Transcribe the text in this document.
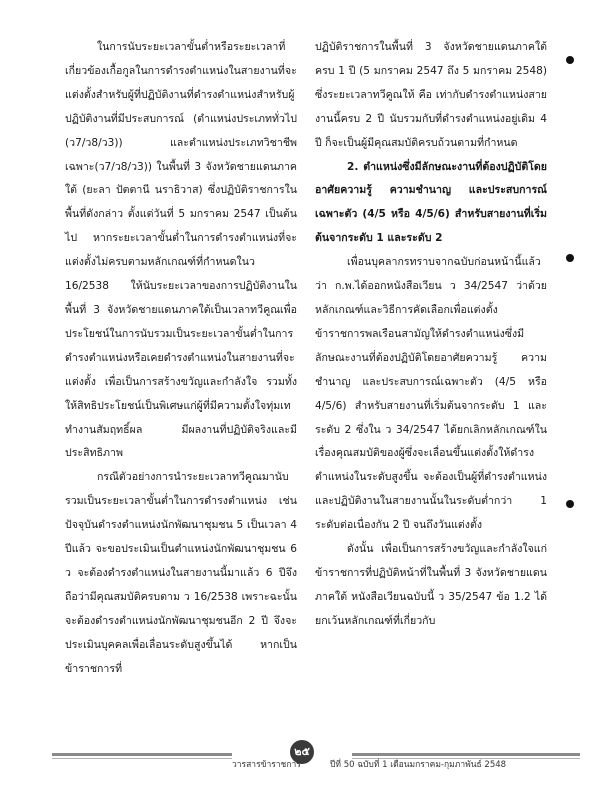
ในการนับระยะเวลาขั้นต่ำหรือระยะเวลาที่เกี่ยวข้องเกื้อกูลในการดำรงตำแหน่งในสายงานที่จะแต่งตั้งสำหรับผู้ที่ปฏิบัติงานที่ดำรงตำแหน่งสำหรับผู้ปฏิบัติงานที่มีประสบการณ์ (ตำแหน่งประเภททั่วไป (ว7/ว8/ว3)) และตำแหน่งประเภทวิชาชีพเฉพาะ(ว7/ว8/ว3)) ในพื้นที่ 3 จังหวัดชายแดนภาคใต้ (ยะลา ปัตตานี นราธิวาส) ซึ่งปฏิบัติราชการในพื้นที่ดังกล่าว ตั้งแต่วันที่ 5 มกราคม 2547 เป็นต้นไป หากระยะเวลาขั้นต่ำในการดำรงตำแหน่งที่จะแต่งตั้งไม่ครบตามหลักเกณฑ์ที่กำหนดในว 16/2538 ให้นับระยะเวลาของการปฏิบัติงานในพื้นที่ 3 จังหวัดชายแดนภาคใต้เป็นเวลาทวีคูณเพื่อประโยชน์ในการนับรวมเป็นระยะเวลาขั้นต่ำในการดำรงตำแหน่งหรือเคยดำรงตำแหน่งในสายงานที่จะแต่งตั้ง เพื่อเป็นการสร้างขวัญและกำลังใจ รวมทั้งให้สิทธิประโยชน์เป็นพิเศษแก่ผู้ที่มีความตั้งใจทุ่มเท ทำงานสัมฤทธิ์ผล มีผลงานที่ปฏิบัติจริงและมีประสิทธิภาพ

กรณีตัวอย่างการนำระยะเวลาทวีคูณมานับรวมเป็นระยะเวลาขั้นต่ำในการดำรงตำแหน่ง เช่น ปัจจุบันดำรงตำแหน่งนักพัฒนาชุมชน 5 เป็นเวลา 4 ปีแล้ว จะขอประเมินเป็นตำแหน่งนักพัฒนาชุมชน 6 ว จะต้องดำรงตำแหน่งในสายงานนี้มาแล้ว 6 ปีจึงถือว่ามีคุณสมบัติครบตาม ว 16/2538 เพราะฉะนั้น จะต้องดำรงตำแหน่งนักพัฒนาชุมชนอีก 2 ปี จึงจะประเมินบุคคลเพื่อเลื่อนระดับสูงขึ้นได้ หากเป็นข้าราชการที่

ปฏิบัติราชการในพื้นที่ 3 จังหวัดชายแดนภาคใต้ครบ 1 ปี (5 มกราคม 2547 ถึง 5 มกราคม 2548) ซึ่งระยะเวลาทวีคูณให้ คือ เท่ากับดำรงตำแหน่งสายงานนี้ครบ 2 ปี นับรวมกับที่ดำรงตำแหน่งอยู่เดิม 4 ปี ก็จะเป็นผู้มีคุณสมบัติครบถ้วนตามที่กำหนด

2. ตำแหน่งซึ่งมีลักษณะงานที่ต้องปฏิบัติโดยอาศัยความรู้ ความชำนาญ และประสบการณ์เฉพาะตัว (4/5 หรือ 4/5/6) สำหรับสายงานที่เริ่มต้นจากระดับ 1 และระดับ 2

เพื่อนบุคลากรทราบจากฉบับก่อนหน้านี้แล้วว่า ก.พ.ได้ออกหนังสือเวียน ว 34/2547 ว่าด้วยหลักเกณฑ์และวิธีการคัดเลือกเพื่อแต่งตั้งข้าราชการพลเรือนสามัญให้ดำรงตำแหน่งซึ่งมีลักษณะงานที่ต้องปฏิบัติโดยอาศัยความรู้ ความชำนาญ และประสบการณ์เฉพาะตัว (4/5 หรือ 4/5/6) สำหรับสายงานที่เริ่มต้นจากระดับ 1 และระดับ 2 ซึ่งใน ว 34/2547 ได้ยกเลิกหลักเกณฑ์ในเรื่องคุณสมบัติของผู้ซึ่งจะเลื่อนขึ้นแต่งตั้งให้ดำรงตำแหน่งในระดับสูงขึ้น จะต้องเป็นผู้ที่ดำรงตำแหน่งและปฏิบัติงานในสายงานนั้นในระดับต่ำกว่า 1 ระดับต่อเนื่องกัน 2 ปี จนถึงวันแต่งตั้ง

ดังนั้น เพื่อเป็นการสร้างขวัญและกำลังใจแก่ข้าราชการที่ปฏิบัติหน้าที่ในพื้นที่ 3 จังหวัดชายแดนภาคใต้ หนังสือเวียนฉบับนี้ ว 35/2547 ข้อ 1.2 ได้ยกเว้นหลักเกณฑ์ที่เกี่ยวกับ

๒๕
วารสารข้าราชการ	ปีที่ 50 ฉบับที่ 1 เดือนมกราคม-กุมภาพันธ์ 2548
